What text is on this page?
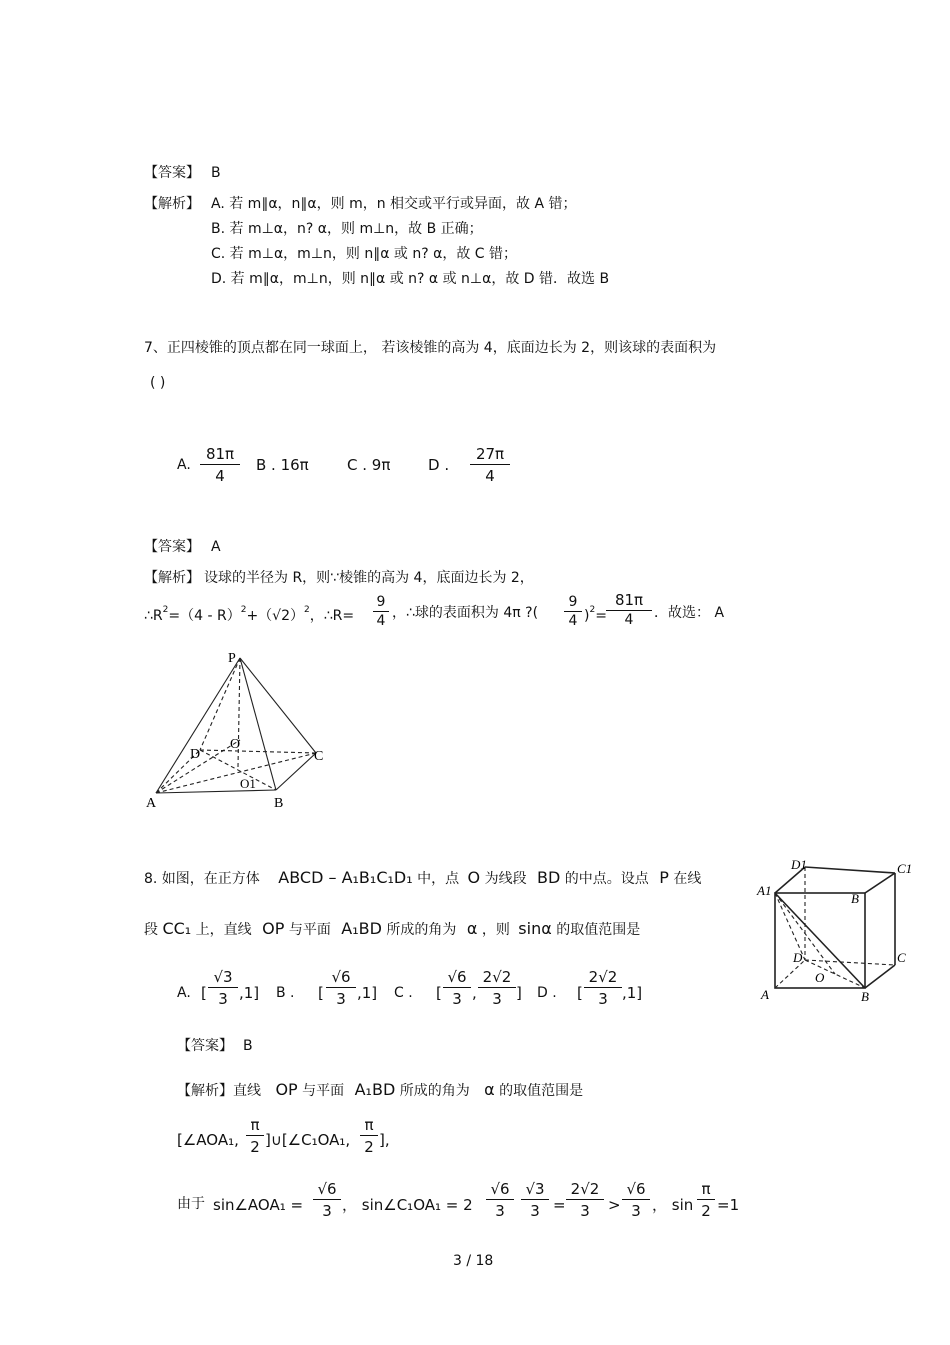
【答案】 B
【解析】 A. 若 m∥α，n∥α，则 m，n 相交或平行或异面，故 A 错；
B. 若 m⊥α，n? α，则 m⊥n，故 B 正确；
C. 若 m⊥α，m⊥n，则 n∥α 或 n? α，故 C 错；
D. 若 m∥α，m⊥n，则 n∥α 或 n? α 或 n⊥α，故 D 错．故选 B
7、正四棱锥的顶点都在同一球面上， 若该棱锥的高为 4，底面边长为 2，则该球的表面积为
( )
A. $\frac{81\pi}{4}$ B . 16π	C . 9π	D . $\frac{27\pi}{4}$
【答案】 A
【解析】 设球的半径为 R，则∵棱锥的高为 4，底面边长为 2，
$\therefore R^2=(4 - R)^2+(√2)^2$，∴R= $\frac{9}{4}$ ，∴球的表面积为 4π ?( $\frac{9}{4} )^2= \frac{81\pi}{4}$ ．故选： A
P
O
D	C
O1
A	B
8. 如图，在正方体 ABCD – A₁B₁C₁D₁ 中，点 O 为线段 BD 的中点。设点 P 在线
段 CC₁ 上，直线 OP 与平面 A₁BD 所成的角为 α ，则 sinα 的取值范围是
A. [ $\frac{√3}{3} ,1$] B . [ $\frac{√6}{3} ,1$] C . [ $\frac{√6}{3}$ , $\frac{2√2}{3}$ ] D . [ $\frac{2√2}{3} ,1$]
D1	C1
A1
B
D	C
O
A	B
【答案】 B
【解析】直线 OP 与平面 A₁BD 所成的角为 α 的取值范围是
[∠AOA₁, $\frac{\pi}{2}$ ]∪[∠C₁OA₁, $\frac{\pi}{2}$ ],
由于 sin∠AOA₁ = $\frac{√6}{3}$ ， sin∠C₁OA₁ = $2 \frac{√6}{3} \frac{√3}{3} = \frac{2√2}{3} > \frac{√6}{3}$ ， $\sin \frac{\pi}{2} =1$
3 / 18
